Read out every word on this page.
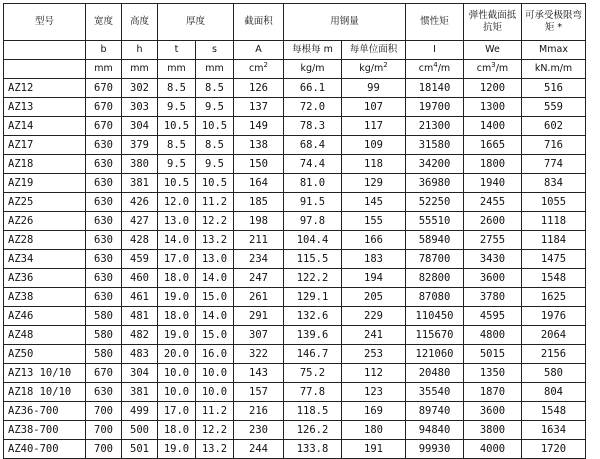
型号	宽度	高度	厚度		截面积	用钢量		惯性矩	弹性截面抵抗矩	可承受极限弯矩 *
	b	h	t	s	A	每根每 m	每单位面积	I	We	Mmax
	mm	mm	mm	mm	$cm^2$	kg/m	$kg/m^2$	$cm^4/m$	$cm^3/m$	kN.m/m
AZ12	670	302	8.5	8.5	126	66.1	99	18140	1200	516
AZ13	670	303	9.5	9.5	137	72.0	107	19700	1300	559
AZ14	670	304	10.5	10.5	149	78.3	117	21300	1400	602
AZ17	630	379	8.5	8.5	138	68.4	109	31580	1665	716
AZ18	630	380	9.5	9.5	150	74.4	118	34200	1800	774
AZ19	630	381	10.5	10.5	164	81.0	129	36980	1940	834
AZ25	630	426	12.0	11.2	185	91.5	145	52250	2455	1055
AZ26	630	427	13.0	12.2	198	97.8	155	55510	2600	1118
AZ28	630	428	14.0	13.2	211	104.4	166	58940	2755	1184
AZ34	630	459	17.0	13.0	234	115.5	183	78700	3430	1475
AZ36	630	460	18.0	14.0	247	122.2	194	82800	3600	1548
AZ38	630	461	19.0	15.0	261	129.1	205	87080	3780	1625
AZ46	580	481	18.0	14.0	291	132.6	229	110450	4595	1976
AZ48	580	482	19.0	15.0	307	139.6	241	115670	4800	2064
AZ50	580	483	20.0	16.0	322	146.7	253	121060	5015	2156
AZ13 10/10	670	304	10.0	10.0	143	75.2	112	20480	1350	580
AZ18 10/10	630	381	10.0	10.0	157	77.8	123	35540	1870	804
AZ36-700	700	499	17.0	11.2	216	118.5	169	89740	3600	1548
AZ38-700	700	500	18.0	12.2	230	126.2	180	94840	3800	1634
AZ40-700	700	501	19.0	13.2	244	133.8	191	99930	4000	1720
